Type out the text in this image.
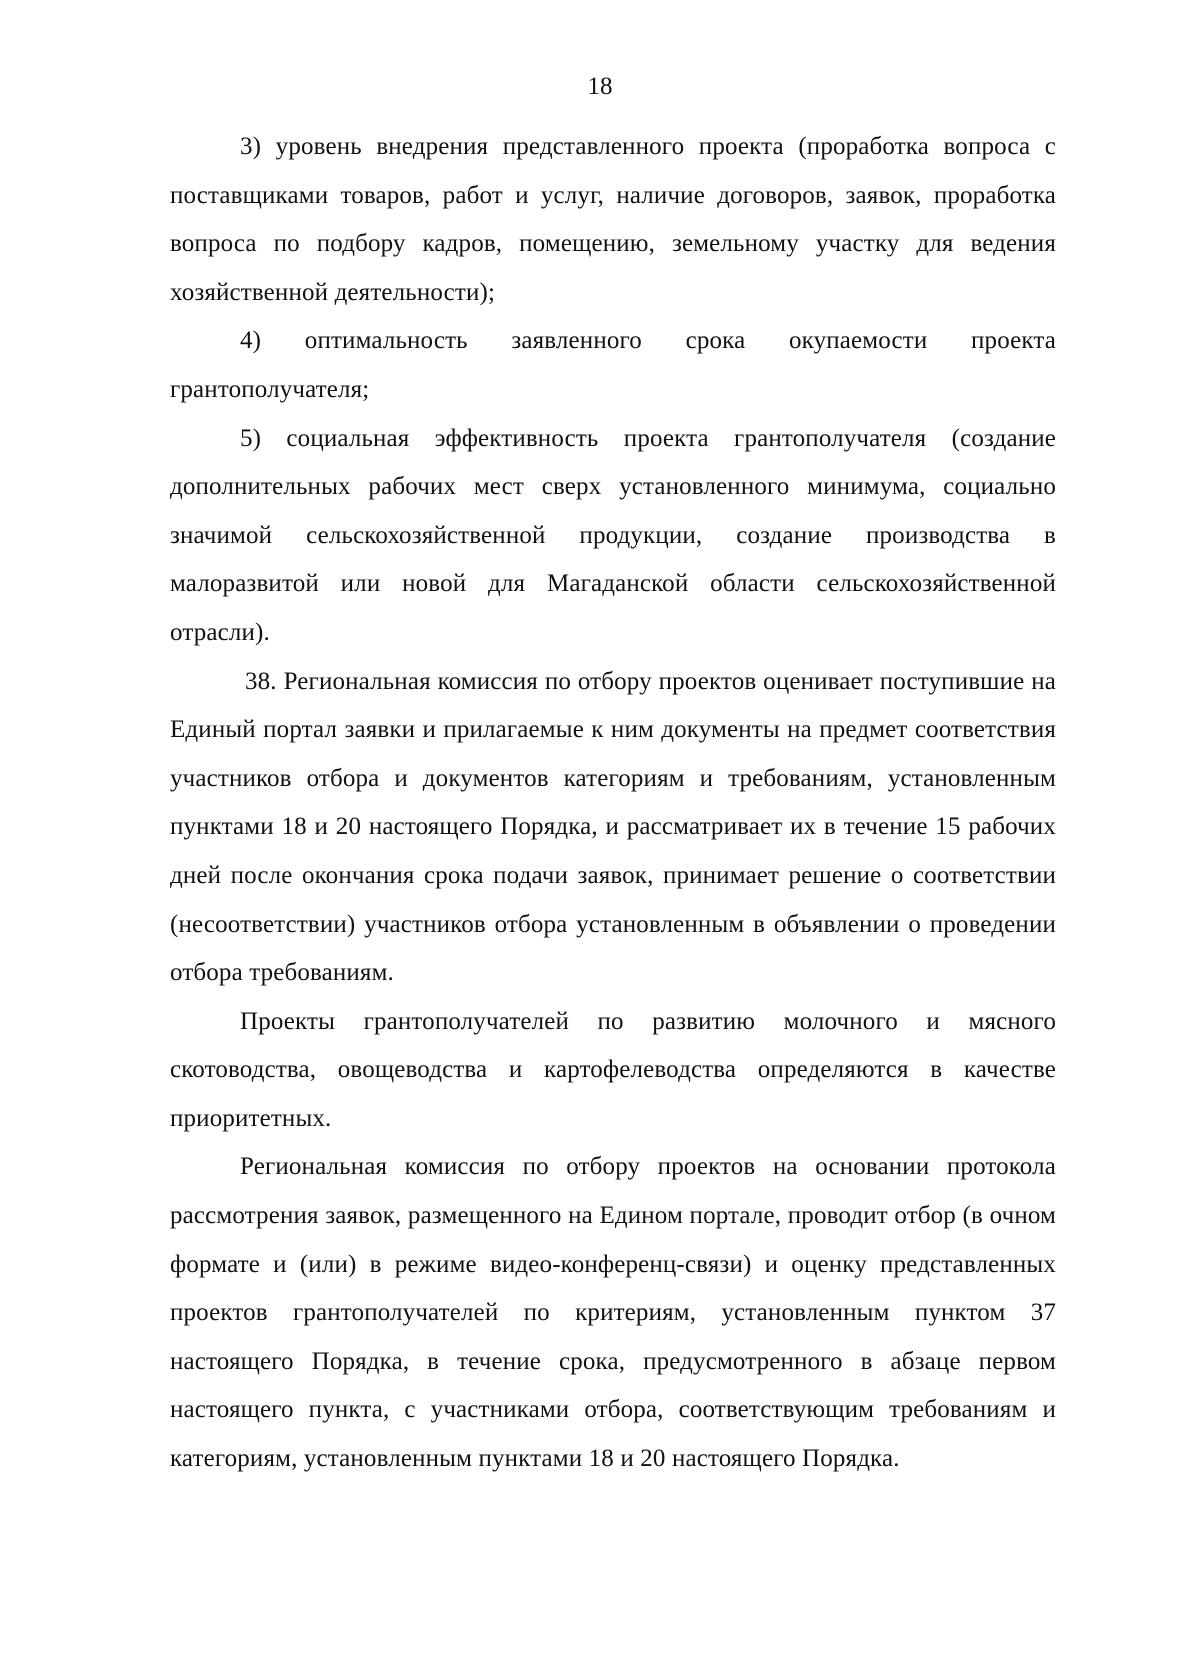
18

3) уровень внедрения представленного проекта (проработка вопроса с поставщиками товаров, работ и услуг, наличие договоров, заявок, проработка вопроса по подбору кадров, помещению, земельному участку для ведения хозяйственной деятельности);

4) оптимальность заявленного срока окупаемости проекта грантополучателя;

5) социальная эффективность проекта грантополучателя (создание дополнительных рабочих мест сверх установленного минимума, социально значимой сельскохозяйственной продукции, создание производства в малоразвитой или новой для Магаданской области сельскохозяйственной отрасли).

38. Региональная комиссия по отбору проектов оценивает поступившие на Единый портал заявки и прилагаемые к ним документы на предмет соответствия участников отбора и документов категориям и требованиям, установленным пунктами 18 и 20 настоящего Порядка, и рассматривает их в течение 15 рабочих дней после окончания срока подачи заявок, принимает решение о соответствии (несоответствии) участников отбора установленным в объявлении о проведении отбора требованиям.

Проекты грантополучателей по развитию молочного и мясного скотоводства, овощеводства и картофелеводства определяются в качестве приоритетных.

Региональная комиссия по отбору проектов на основании протокола рассмотрения заявок, размещенного на Едином портале, проводит отбор (в очном формате и (или) в режиме видео-конференц-связи) и оценку представленных проектов грантополучателей по критериям, установленным пунктом 37 настоящего Порядка, в течение срока, предусмотренного в абзаце первом настоящего пункта, с участниками отбора, соответствующим требованиям и категориям, установленным пунктами 18 и 20 настоящего Порядка.
